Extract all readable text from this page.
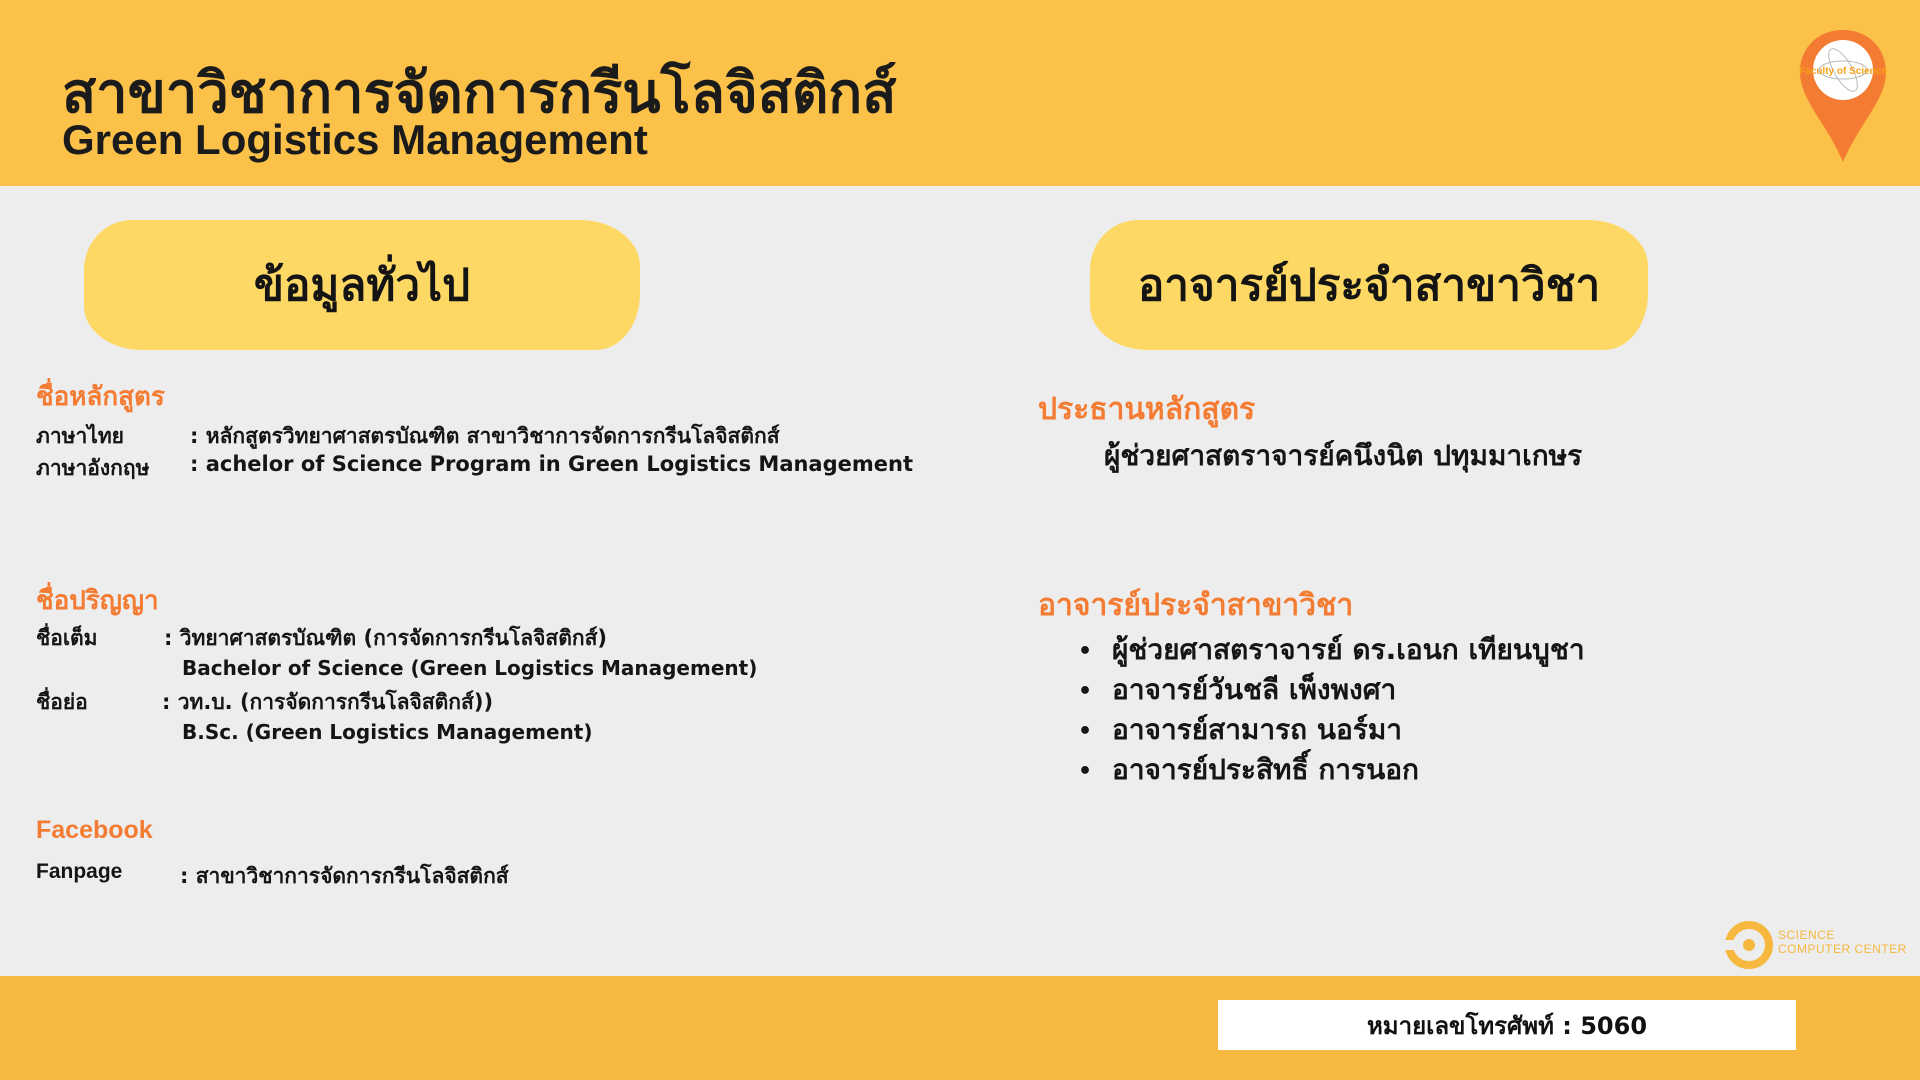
สาขาวิชาการจัดการกรีนโลจิสติกส์
Green Logistics Management
Faculty of Science
ข้อมูลทั่วไป	อาจารย์ประจำสาขาวิชา
ชื่อหลักสูตร
ภาษาไทย	: หลักสูตรวิทยาศาสตรบัณฑิต สาขาวิชาการจัดการกรีนโลจิสติกส์
ภาษาอังกฤษ : achelor of Science Program in Green Logistics Management
ชื่อปริญญา
ชื่อเต็ม	: วิทยาศาสตรบัณฑิต (การจัดการกรีนโลจิสติกส์)
Bachelor of Science (Green Logistics Management)
ชื่อย่อ	: วท.บ. (การจัดการกรีนโลจิสติกส์))
B.Sc. (Green Logistics Management)
Facebook
Fanpage	: สาขาวิชาการจัดการกรีนโลจิสติกส์
ประธานหลักสูตร
ผู้ช่วยศาสตราจารย์คนึงนิต ปทุมมาเกษร
อาจารย์ประจำสาขาวิชา
• ผู้ช่วยศาสตราจารย์ ดร.เอนก เทียนบูชา
• อาจารย์วันชลี เพ็งพงศา
• อาจารย์สามารถ นอร์มา
• อาจารย์ประสิทธิ์ การนอก
SCIENCE
COMPUTER CENTER
หมายเลขโทรศัพท์ : 5060
